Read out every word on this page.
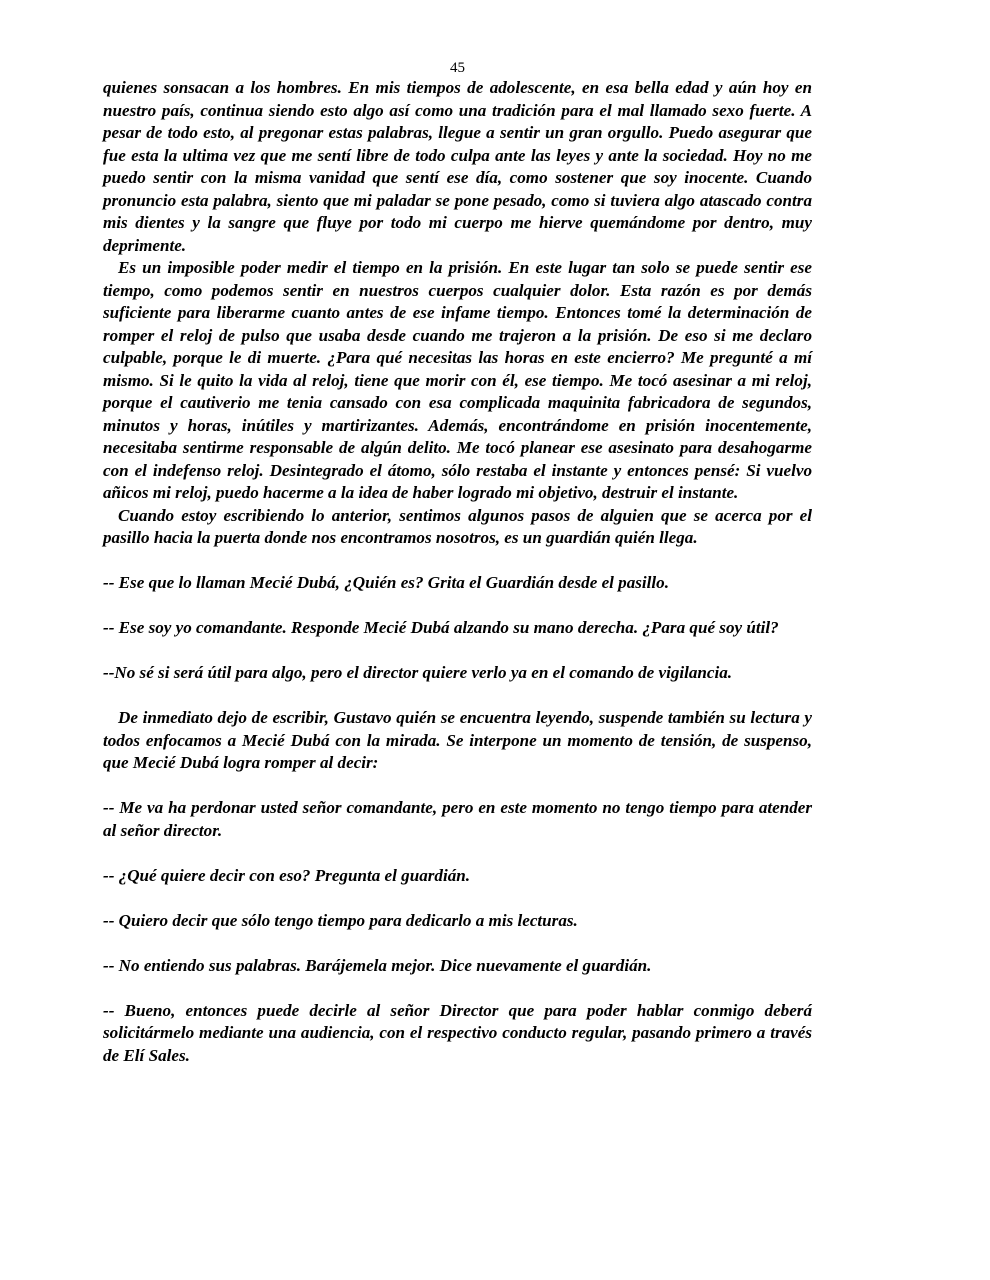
45

quienes sonsacan a los hombres. En mis tiempos de adolescente, en esa bella edad y aún hoy en nuestro país, continua siendo esto algo así como una tradición para el mal llamado sexo fuerte. A pesar de todo esto, al pregonar estas palabras, llegue a sentir un gran orgullo. Puedo asegurar que fue esta la ultima vez que me sentí libre de todo culpa ante las leyes y ante la sociedad. Hoy no me puedo sentir con la misma vanidad que sentí ese día, como sostener que soy inocente. Cuando pronuncio esta palabra, siento que mi paladar se pone pesado, como si tuviera algo atascado contra mis dientes y la sangre que fluye por todo mi cuerpo me hierve quemándome por dentro, muy deprimente.

Es un imposible poder medir el tiempo en la prisión. En este lugar tan solo se puede sentir ese tiempo, como podemos sentir en nuestros cuerpos cualquier dolor. Esta razón es por demás suficiente para liberarme cuanto antes de ese infame tiempo. Entonces tomé la determinación de romper el reloj de pulso que usaba desde cuando me trajeron a la prisión. De eso si me declaro culpable, porque le di muerte. ¿Para qué necesitas las horas en este encierro? Me pregunté a mí mismo. Si le quito la vida al reloj, tiene que morir con él, ese tiempo. Me tocó asesinar a mi reloj, porque el cautiverio me tenia cansado con esa complicada maquinita fabricadora de segundos, minutos y horas, inútiles y martirizantes. Además, encontrándome en prisión inocentemente, necesitaba sentirme responsable de algún delito. Me tocó planear ese asesinato para desahogarme con el indefenso reloj. Desintegrado el átomo, sólo restaba el instante y entonces pensé: Si vuelvo añicos mi reloj, puedo hacerme a la idea de haber logrado mi objetivo, destruir el instante.

Cuando estoy escribiendo lo anterior, sentimos algunos pasos de alguien que se acerca por el pasillo hacia la puerta donde nos encontramos nosotros, es un guardián quién llega.

-- Ese que lo llaman Mecié Dubá, ¿Quién es? Grita el Guardián desde el pasillo.

-- Ese soy yo comandante. Responde Mecié Dubá alzando su mano derecha. ¿Para qué soy útil?

--No sé si será útil para algo, pero el director quiere verlo ya en el comando de vigilancia.

De inmediato dejo de escribir, Gustavo quién se encuentra leyendo, suspende también su lectura y todos enfocamos a Mecié Dubá con la mirada. Se interpone un momento de tensión, de suspenso, que Mecié Dubá logra romper al decir:

-- Me va ha perdonar usted señor comandante, pero en este momento no tengo tiempo para atender al señor director.

-- ¿Qué quiere decir con eso? Pregunta el guardián.

-- Quiero decir que sólo tengo tiempo para dedicarlo a mis lecturas.

-- No entiendo sus palabras. Barájemela mejor. Dice nuevamente el guardián.

-- Bueno, entonces puede decirle al señor Director que para poder hablar conmigo deberá solicitármelo mediante una audiencia, con el respectivo conducto regular, pasando primero a través de Elí Sales.
